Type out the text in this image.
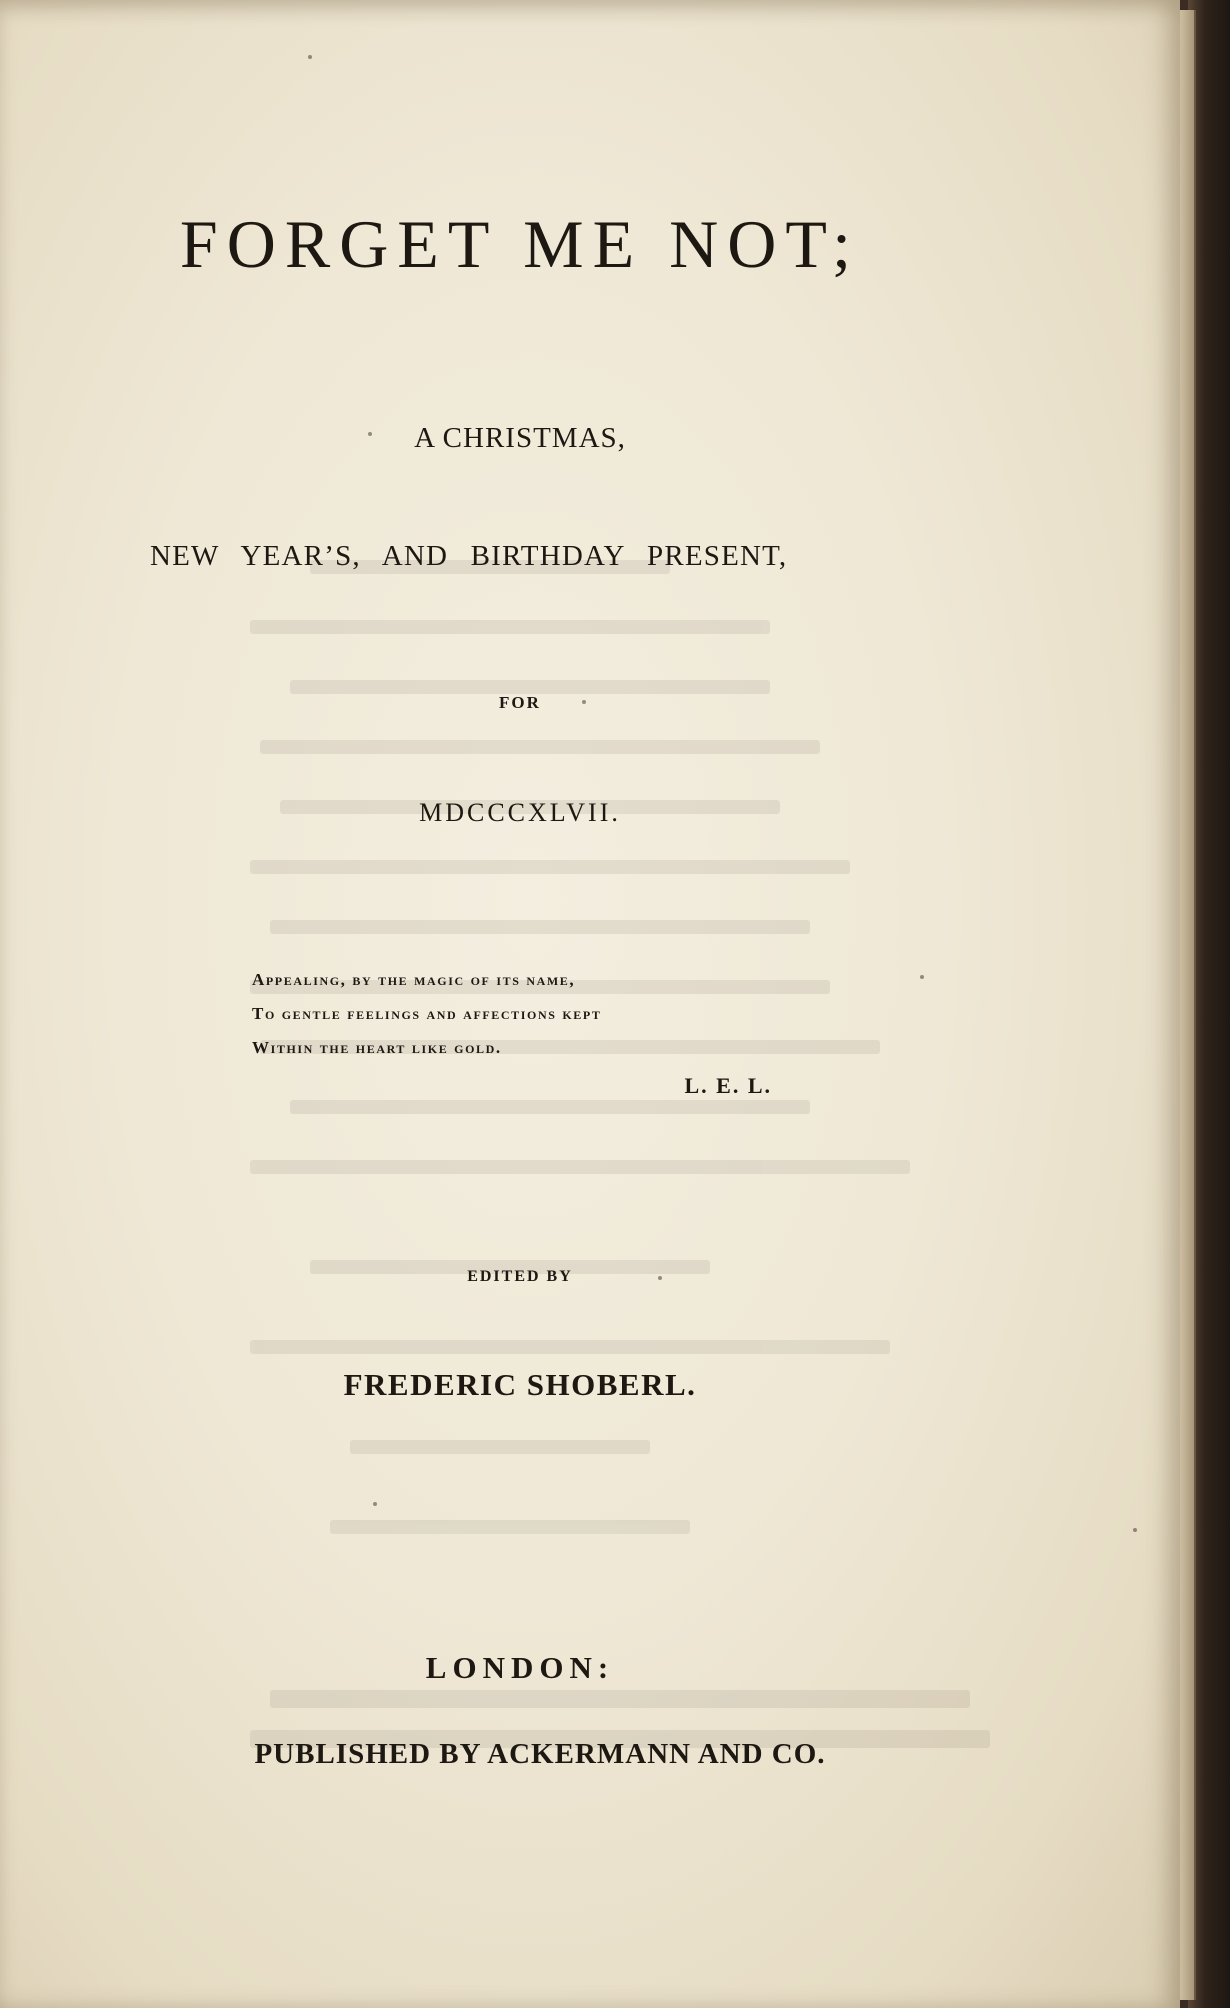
FORGET ME NOT;
A CHRISTMAS,
NEW YEAR’S, AND BIRTHDAY PRESENT,
FOR
MDCCCXLVII.
Appealing, by the magic of its name,
To gentle feelings and affections kept
Within the heart like gold.
L. E. L.
EDITED BY
FREDERIC SHOBERL.
LONDON:
PUBLISHED BY ACKERMANN AND CO.
